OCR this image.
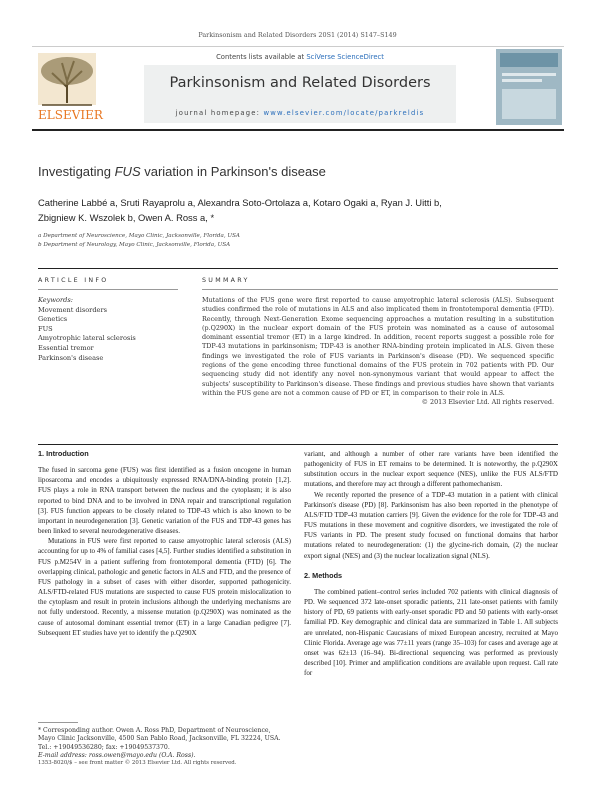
Parkinsonism and Related Disorders 20S1 (2014) S147–S149
ELSEVIER
Contents lists available at SciVerse ScienceDirect
Parkinsonism and Related Disorders
journal homepage: www.elsevier.com/locate/parkreldis
Investigating FUS variation in Parkinson's disease
Catherine Labbé a, Sruti Rayaprolu a, Alexandra Soto-Ortolaza a, Kotaro Ogaki a, Ryan J. Uitti b,
Zbigniew K. Wszolek b, Owen A. Ross a, *
a Department of Neuroscience, Mayo Clinic, Jacksonville, Florida, USA
b Department of Neurology, Mayo Clinic, Jacksonville, Florida, USA
ARTICLE INFO	SUMMARY
Keywords:
Movement disorders
Genetics
FUS
Amyotrophic lateral sclerosis
Essential tremor
Parkinson's disease
Mutations of the FUS gene were first reported to cause amyotrophic lateral sclerosis (ALS). Subsequent studies confirmed the role of mutations in ALS and also implicated them in frontotemporal dementia (FTD). Recently, through Next-Generation Exome sequencing approaches a mutation resulting in a substitution (p.Q290X) in the nuclear export domain of the FUS protein was nominated as a cause of autosomal dominant essential tremor (ET) in a large kindred. In addition, recent reports suggest a possible role for TDP-43 mutations in parkinsonism; TDP-43 is another RNA-binding protein implicated in ALS. Given these findings we investigated the role of FUS variants in Parkinson's disease (PD). We sequenced specific regions of the gene encoding three functional domains of the FUS protein in 702 patients with PD. Our sequencing study did not identify any novel non-synonymous variant that would appear to affect the subjects' susceptibility to Parkinson's disease. These findings and previous studies have shown that variants within the FUS gene are not a common cause of PD or ET, in comparison to their role in ALS.
© 2013 Elsevier Ltd. All rights reserved.

1. Introduction

The fused in sarcoma gene (FUS) was first identified as a fusion oncogene in human liposarcoma and encodes a ubiquitously expressed RNA/DNA-binding protein [1,2]. FUS plays a role in RNA transport between the nucleus and the cytoplasm; it is also reported to bind DNA and to be involved in DNA repair and transcriptional regulation [3]. FUS function appears to be closely related to TDP-43 which is also known to be important in neurodegeneration [3]. Genetic variation of the FUS and TDP-43 genes has been linked to several neurodegenerative diseases.

Mutations in FUS were first reported to cause amyotrophic lateral sclerosis (ALS) accounting for up to 4% of familial cases [4,5]. Further studies identified a substitution in FUS p.M254V in a patient suffering from frontotemporal dementia (FTD) [6]. The overlapping clinical, pathologic and genetic factors in ALS and FTD, and the presence of FUS pathology in a subset of cases with either disorder, supported pathogenicity. ALS/FTD-related FUS mutations are suspected to cause FUS protein mislocalization to the cytoplasm and result in protein inclusions although the underlying mechanisms are not fully understood. Recently, a missense mutation (p.Q290X) was nominated as the cause of autosomal dominant essential tremor (ET) in a large Canadian pedigree [7]. Subsequent ET studies have yet to identify the p.Q290X

* Corresponding author. Owen A. Ross PhD, Department of Neuroscience, Mayo Clinic Jacksonville, 4500 San Pablo Road, Jacksonville, FL 32224, USA. Tel.: +19049536280; fax: +19049537370.
E-mail address: ross.owen@mayo.edu (O.A. Ross).
1353-8020/$ – see front matter © 2013 Elsevier Ltd. All rights reserved.

variant, and although a number of other rare variants have been identified the pathogenicity of FUS in ET remains to be determined. It is noteworthy, the p.Q290X substitution occurs in the nuclear export sequence (NES), unlike the FUS ALS/FTD mutations, and therefore may act through a different pathomechanism.

We recently reported the presence of a TDP-43 mutation in a patient with clinical Parkinson's disease (PD) [8]. Parkinsonism has also been reported in the phenotype of ALS/FTD TDP-43 mutation carriers [9]. Given the evidence for the role for TDP-43 and FUS mutations in these movement and cognitive disorders, we investigated the role of FUS variants in PD. The present study focused on functional domains that harbor mutations related to neurodegeneration: (1) the glycine-rich domain, (2) the nuclear export signal (NES) and (3) the nuclear localization signal (NLS).

2. Methods

The combined patient–control series included 702 patients with clinical diagnosis of PD. We sequenced 372 late-onset sporadic patients, 211 late-onset patients with family history of PD, 69 patients with early-onset sporadic PD and 50 patients with early-onset familial PD. Key demographic and clinical data are summarized in Table 1. All subjects are unrelated, non-Hispanic Caucasians of mixed European ancestry, recruited at Mayo Clinic Florida. Average age was 77±11 years (range 35–103) for cases and average age at onset was 62±13 (16–94). Bi-directional sequencing was performed as previously described [10]. Primer and amplification conditions are available upon request. Call rate for
